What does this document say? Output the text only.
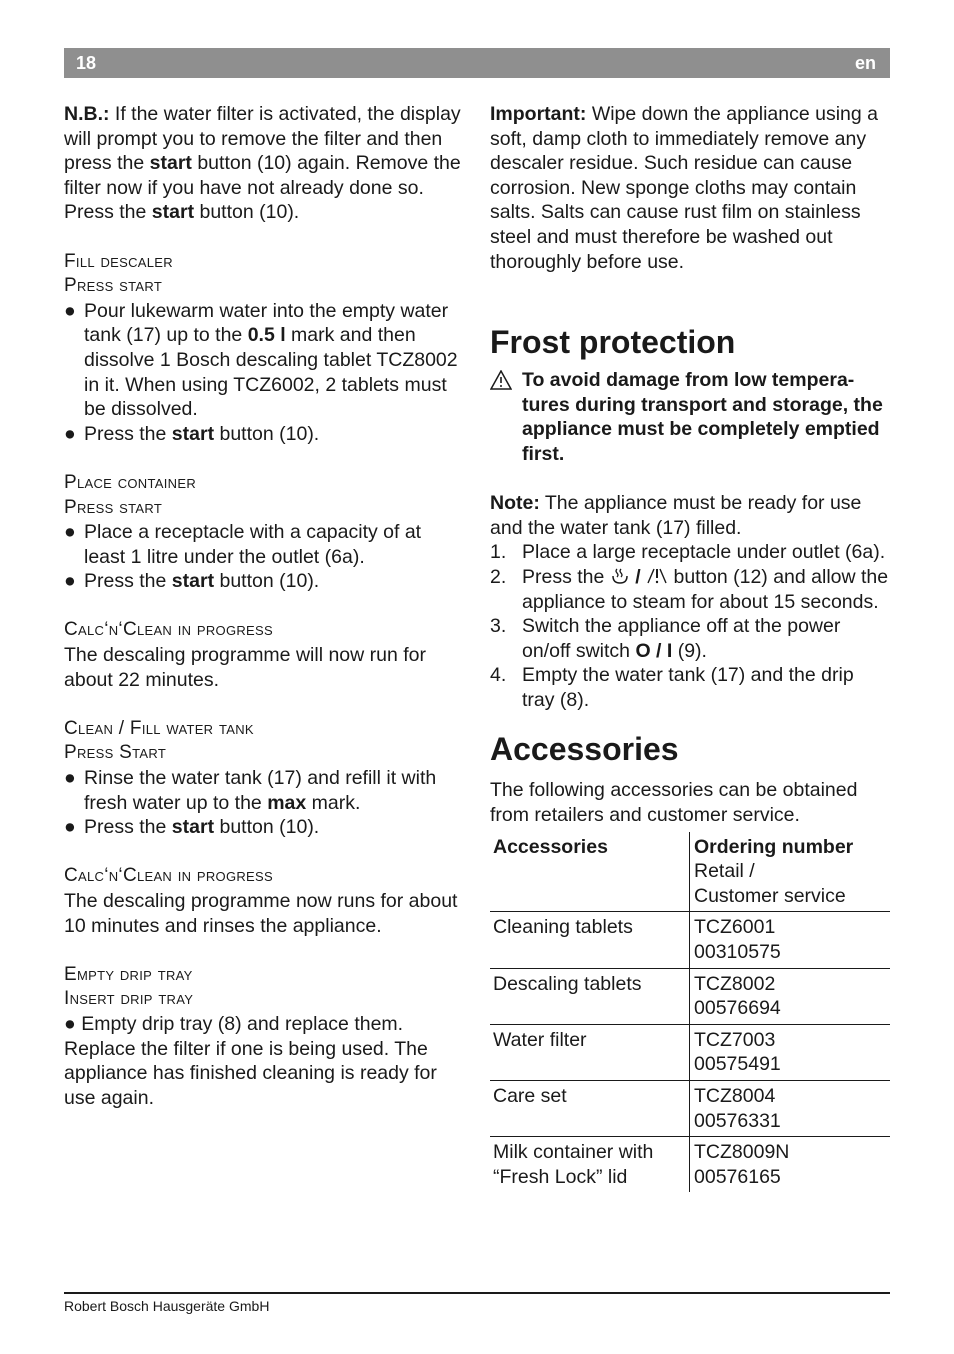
18	en

N.B.: If the water filter is activated, the display will prompt you to remove the filter and then press the start button (10) again. Remove the filter now if you have not already done so. Press the start button (10).

Fill descaler

Press start

● Pour lukewarm water into the empty water tank (17) up to the 0.5 l mark and then dissolve 1 Bosch descaling tablet TCZ8002 in it. When using TCZ6002, 2 tablets must be dissolved.

● Press the start button (10).

Place container

Press start

● Place a receptacle with a capacity of at least 1 litre under the outlet (6a).

● Press the start button (10).

Calc‘n‘Clean in progress

The descaling programme will now run for about 22 minutes.

Clean / Fill water tank

Press Start

● Rinse the water tank (17) and refill it with fresh water up to the max mark.

● Press the start button (10).

Calc‘n‘Clean in progress

The descaling programme now runs for about 10 minutes and rinses the appliance.

Empty drip tray

Insert drip tray

● Empty drip tray (8) and replace them.

Replace the filter if one is being used. The appliance has finished cleaning is ready for use again.

Important: Wipe down the appliance using a soft, damp cloth to immediately remove any descaler residue. Such residue can cause corrosion. New sponge cloths may contain salts. Salts can cause rust film on stainless steel and must therefore be washed out thoroughly before use.

Frost protection

To avoid damage from low tempera-tures during transport and storage, the appliance must be completely emptied first.

Note: The appliance must be ready for use and the water tank (17) filled.

1. Place a large receptacle under outlet (6a).
2. Press the  /  button (12) and allow the appliance to steam for about 15 seconds.
3. Switch the appliance off at the power on/off switch O / I (9).
4. Empty the water tank (17) and the drip tray (8).
Accessories

The following accessories can be obtained from retailers and customer service.

Accessories	Ordering number
Retail /
Customer service
Cleaning tablets	TCZ6001
00310575
Descaling tablets	TCZ8002
00576694
Water filter	TCZ7003
00575491
Care set	TCZ8004
00576331
Milk container with “Fresh Lock” lid	TCZ8009N
00576165
Robert Bosch Hausgeräte GmbH
